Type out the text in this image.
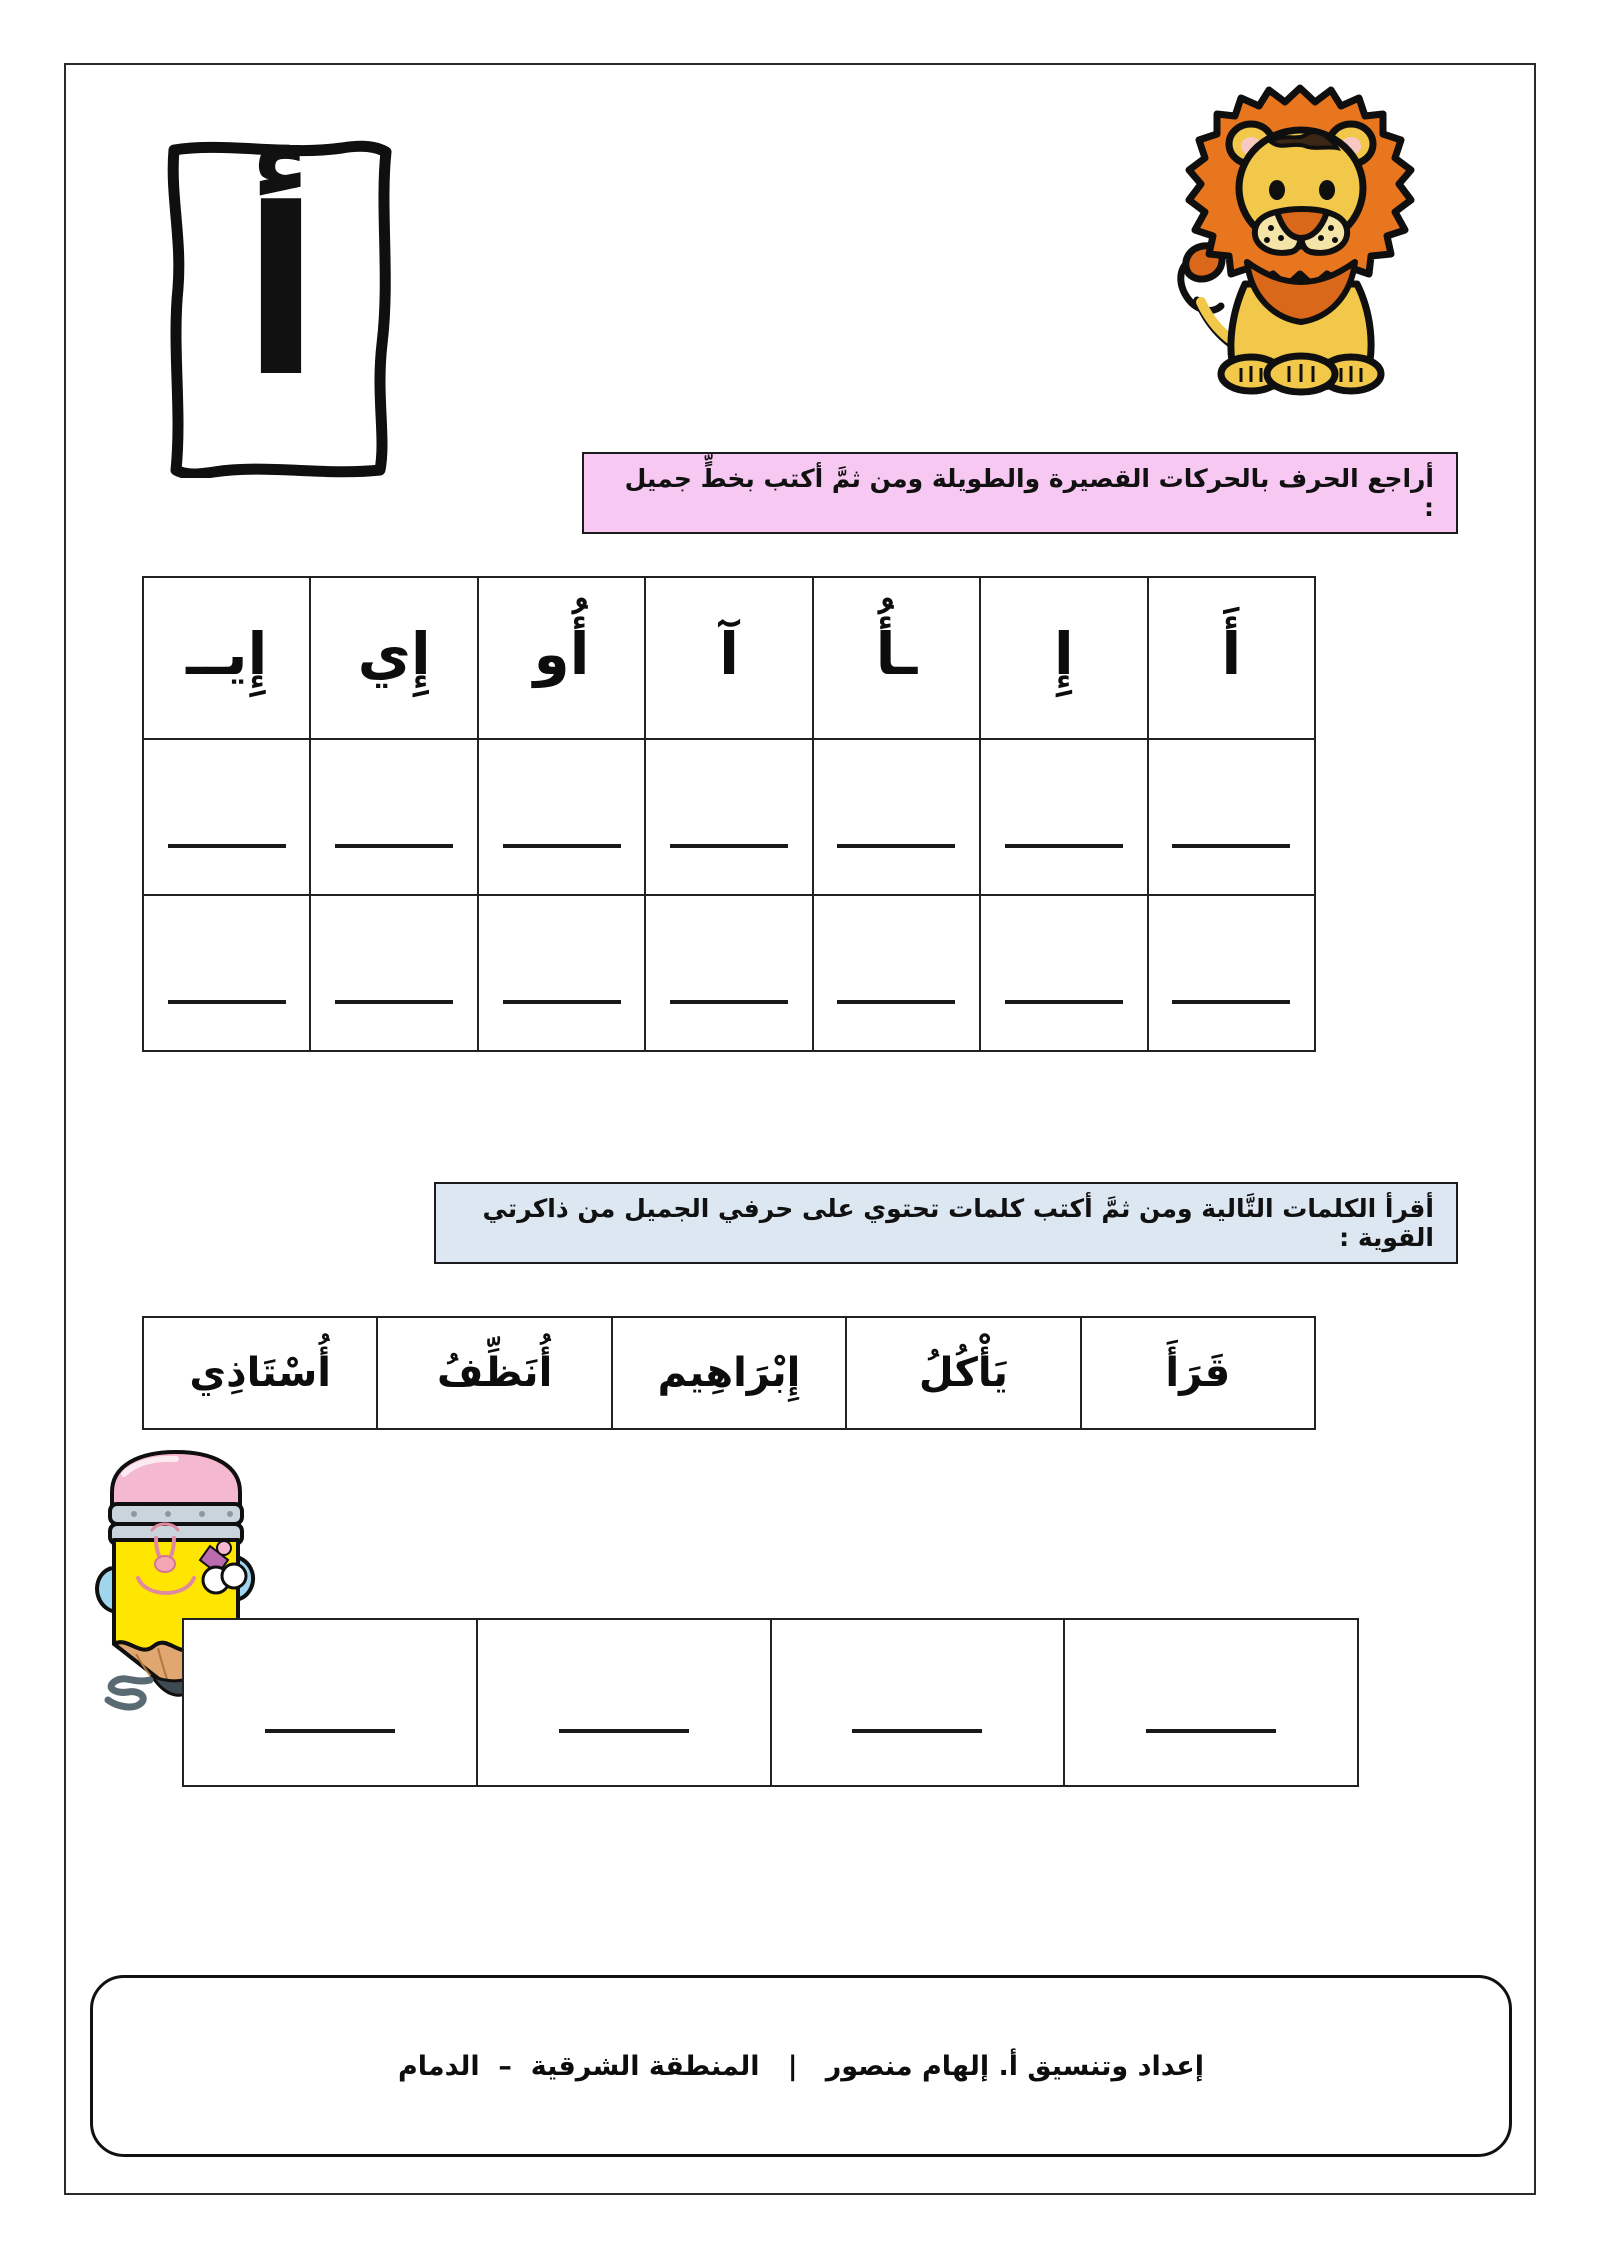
أ
أراجع الحرف بالحركات القصيرة والطويلة ومن ثمَّ أكتب بخطٍّ جميل :
أَ	إِ	ـأُ	آ	أُو	إِي	إِيــ

أقرأ الكلمات التَّالية ومن ثمَّ أكتب كلمات تحتوي على حرفي الجميل من ذاكرتي القوية :
قَرَأَ	يَأْكُلُ	إِبْرَاهِيم	أُنَظِّفُ	أُسْتَاذِي

إعداد وتنسيق أ. إلهام منصور   |   المنطقة الشرقية  –  الدمام
